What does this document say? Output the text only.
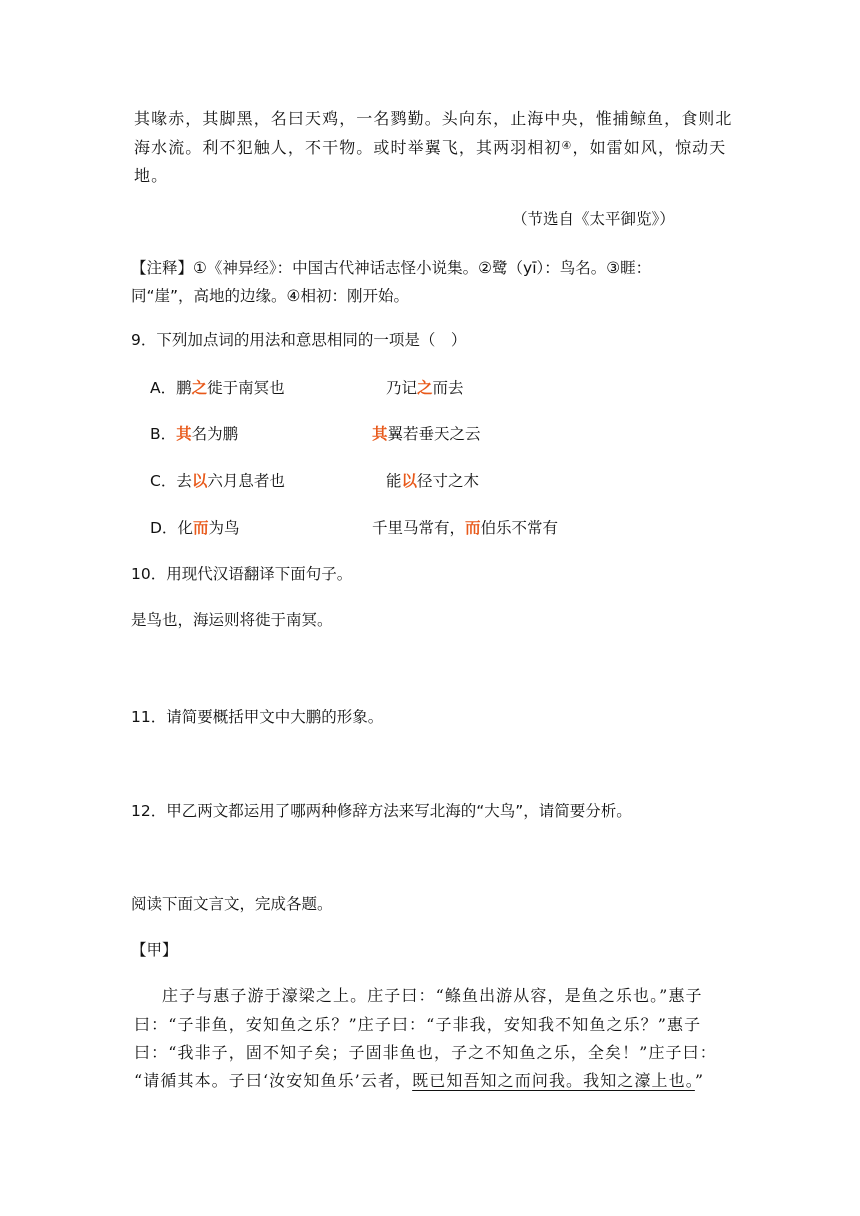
其喙赤，其脚黑，名曰天鸡，一名鹨勤。头向东，止海中央，惟捕鲸鱼，食则北
海水流。利不犯触人，不干物。或时举翼飞，其两羽相初④，如雷如风，惊动天
地。
（节选自《太平御览》）
【注释】①《神异经》：中国古代神话志怪小说集。②鹭（yī）：鸟名。③睚：
同“崖”，高地的边缘。④相初：刚开始。
9．下列加点词的用法和意思相同的一项是（　）
A．鹏之徙于南冥也	乃记之而去
B．其名为鹏	其翼若垂天之云
C．去以六月息者也	能以径寸之木
D．化而为鸟	千里马常有，而伯乐不常有
10．用现代汉语翻译下面句子。
是鸟也，海运则将徙于南冥。
11．请简要概括甲文中大鹏的形象。
12．甲乙两文都运用了哪两种修辞方法来写北海的“大鸟”，请简要分析。
阅读下面文言文，完成各题。
【甲】
庄子与惠子游于濠梁之上。庄子曰：“鲦鱼出游从容，是鱼之乐也。”惠子
曰：“子非鱼，安知鱼之乐？”庄子曰：“子非我，安知我不知鱼之乐？”惠子
曰：“我非子，固不知子矣；子固非鱼也，子之不知鱼之乐，全矣！”庄子曰：
“请循其本。子曰‘汝安知鱼乐’云者，既已知吾知之而问我。我知之濠上也。”
